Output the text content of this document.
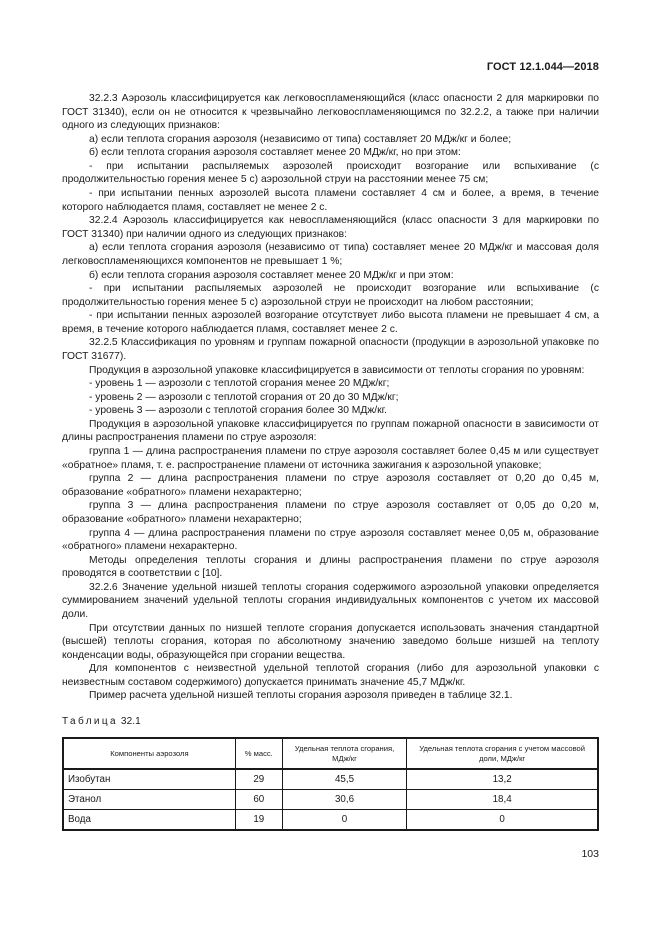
ГОСТ 12.1.044—2018

32.2.3 Аэрозоль классифицируется как легковоспламеняющийся (класс опасности 2 для маркировки по ГОСТ 31340), если он не относится к чрезвычайно легковоспламеняющимся по 32.2.2, а также при наличии одного из следующих признаков:

а) если теплота сгорания аэрозоля (независимо от типа) составляет 20 МДж/кг и более;

б) если теплота сгорания аэрозоля составляет менее 20 МДж/кг, но при этом:

- при испытании распыляемых аэрозолей происходит возгорание или вспыхивание (с продолжительностью горения менее 5 с) аэрозольной струи на расстоянии менее 75 см;

- при испытании пенных аэрозолей высота пламени составляет 4 см и более, а время, в течение которого наблюдается пламя, составляет не менее 2 с.

32.2.4 Аэрозоль классифицируется как невоспламеняющийся (класс опасности 3 для маркировки по ГОСТ 31340) при наличии одного из следующих признаков:

а) если теплота сгорания аэрозоля (независимо от типа) составляет менее 20 МДж/кг и массовая доля легковоспламеняющихся компонентов не превышает 1 %;

б) если теплота сгорания аэрозоля составляет менее 20 МДж/кг и при этом:

- при испытании распыляемых аэрозолей не происходит возгорание или вспыхивание (с продолжительностью горения менее 5 с) аэрозольной струи не происходит на любом расстоянии;

- при испытании пенных аэрозолей возгорание отсутствует либо высота пламени не превышает 4 см, а время, в течение которого наблюдается пламя, составляет менее 2 с.

32.2.5 Классификация по уровням и группам пожарной опасности (продукции в аэрозольной упаковке по ГОСТ 31677).

Продукция в аэрозольной упаковке классифицируется в зависимости от теплоты сгорания по уровням:

- уровень 1 — аэрозоли с теплотой сгорания менее 20 МДж/кг;

- уровень 2 — аэрозоли с теплотой сгорания от 20 до 30 МДж/кг;

- уровень 3 — аэрозоли с теплотой сгорания более 30 МДж/кг.

Продукция в аэрозольной упаковке классифицируется по группам пожарной опасности в зависимости от длины распространения пламени по струе аэрозоля:

группа 1 — длина распространения пламени по струе аэрозоля составляет более 0,45 м или существует «обратное» пламя, т. е. распространение пламени от источника зажигания к аэрозольной упаковке;

группа 2 — длина распространения пламени по струе аэрозоля составляет от 0,20 до 0,45 м, образование «обратного» пламени нехарактерно;

группа 3 — длина распространения пламени по струе аэрозоля составляет от 0,05 до 0,20 м, образование «обратного» пламени нехарактерно;

группа 4 — длина распространения пламени по струе аэрозоля составляет менее 0,05 м, образование «обратного» пламени нехарактерно.

Методы определения теплоты сгорания и длины распространения пламени по струе аэрозоля проводятся в соответствии с [10].

32.2.6 Значение удельной низшей теплоты сгорания содержимого аэрозольной упаковки определяется суммированием значений удельной теплоты сгорания индивидуальных компонентов с учетом их массовой доли.

При отсутствии данных по низшей теплоте сгорания допускается использовать значения стандартной (высшей) теплоты сгорания, которая по абсолютному значению заведомо больше низшей на теплоту конденсации воды, образующейся при сгорании вещества.

Для компонентов с неизвестной удельной теплотой сгорания (либо для аэрозольной упаковки с неизвестным составом содержимого) допускается принимать значение 45,7 МДж/кг.

Пример расчета удельной низшей теплоты сгорания аэрозоля приведен в таблице 32.1.

Таблица 32.1
Компоненты аэрозоля	% масс.	Удельная теплота сгорания, МДж/кг	Удельная теплота сгорания с учетом массовой доли, МДж/кг
Изобутан	29	45,5	13,2
Этанол	60	30,6	18,4
Вода	19	0	0
103
